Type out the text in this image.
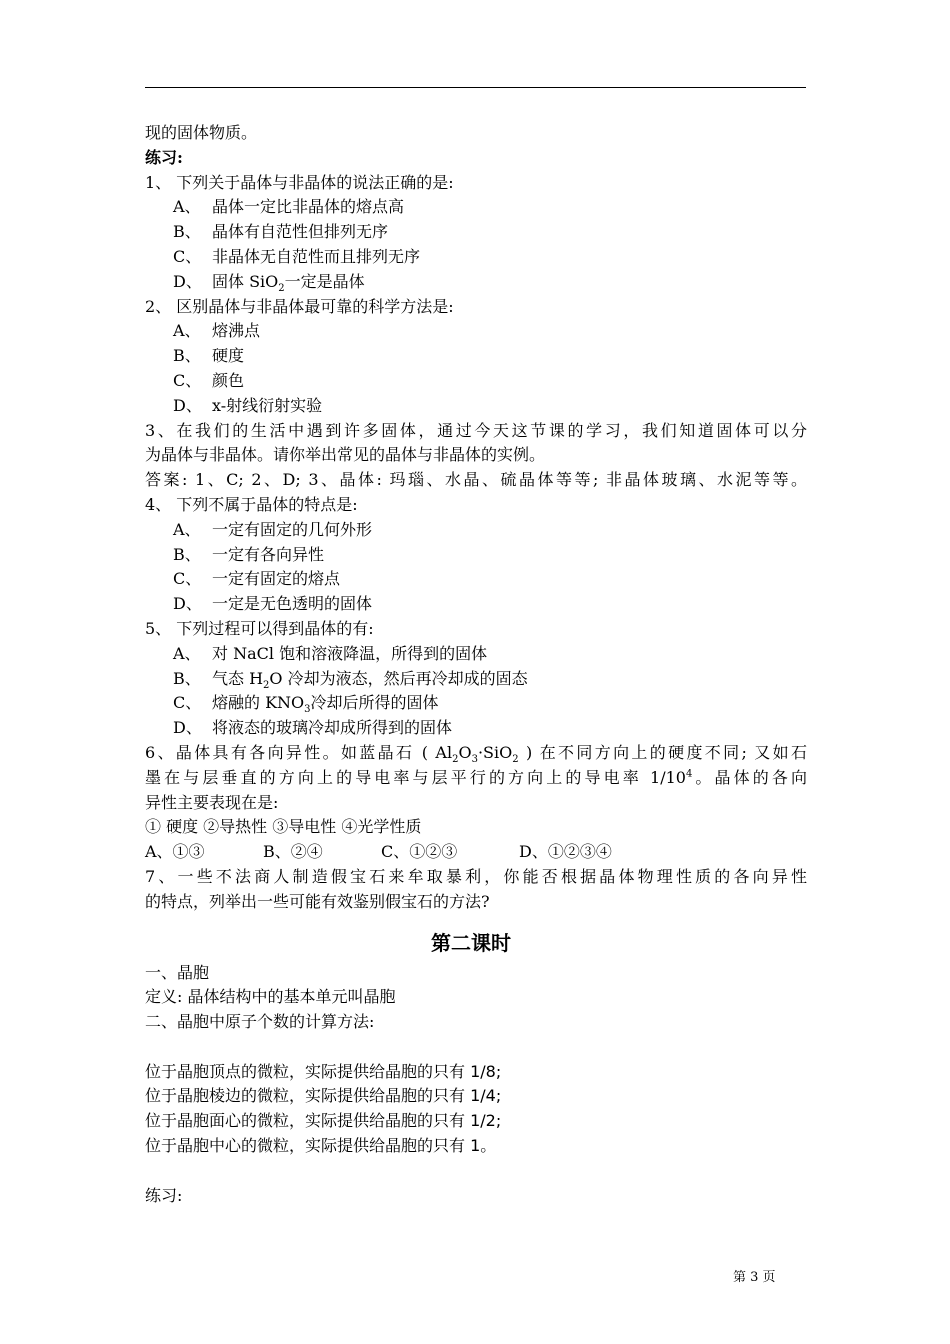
现的固体物质。
练习:
1、 下列关于晶体与非晶体的说法正确的是:
A、 晶体一定比非晶体的熔点高
B、 晶体有自范性但排列无序
C、 非晶体无自范性而且排列无序
D、 固体 SiO$_2$一定是晶体
2、 区别晶体与非晶体最可靠的科学方法是:
A、 熔沸点
B、 硬度
C、 颜色
D、 x-射线衍射实验
3、在我们的生活中遇到许多固体，通过今天这节课的学习，我们知道固体可以分
为晶体与非晶体。请你举出常见的晶体与非晶体的实例。
答案: 1、C; 2、D; 3、晶体: 玛瑙、水晶、硫晶体等等; 非晶体玻璃、水泥等等。
4、 下列不属于晶体的特点是:
A、 一定有固定的几何外形
B、 一定有各向异性
C、 一定有固定的熔点
D、 一定是无色透明的固体
5、 下列过程可以得到晶体的有:
A、 对 NaCl 饱和溶液降温，所得到的固体
B、 气态 $H_2O$ 冷却为液态，然后再冷却成的固态
C、 熔融的 $KNO_3$冷却后所得的固体
D、 将液态的玻璃冷却成所得到的固体
6、晶体具有各向异性。如蓝晶石 ( $Al_2O_3\cdot SiO_2$ ) 在不同方向上的硬度不同; 又如石
墨在与层垂直的方向上的导电率与层平行的方向上的导电率 $1/10^4$。晶体的各向
异性主要表现在是:
① 硬度 ②导热性 ③导电性 ④光学性质
A、①③	B、②④	C、①②③	D、①②③④
7、一些不法商人制造假宝石来牟取暴利，你能否根据晶体物理性质的各向异性
的特点，列举出一些可能有效鉴别假宝石的方法?
第二课时
一、晶胞
定义: 晶体结构中的基本单元叫晶胞
二、晶胞中原子个数的计算方法:
位于晶胞顶点的微粒，实际提供给晶胞的只有 1/8;
位于晶胞棱边的微粒，实际提供给晶胞的只有 1/4;
位于晶胞面心的微粒，实际提供给晶胞的只有 1/2;
位于晶胞中心的微粒，实际提供给晶胞的只有 1。
练习:
第 3 页
